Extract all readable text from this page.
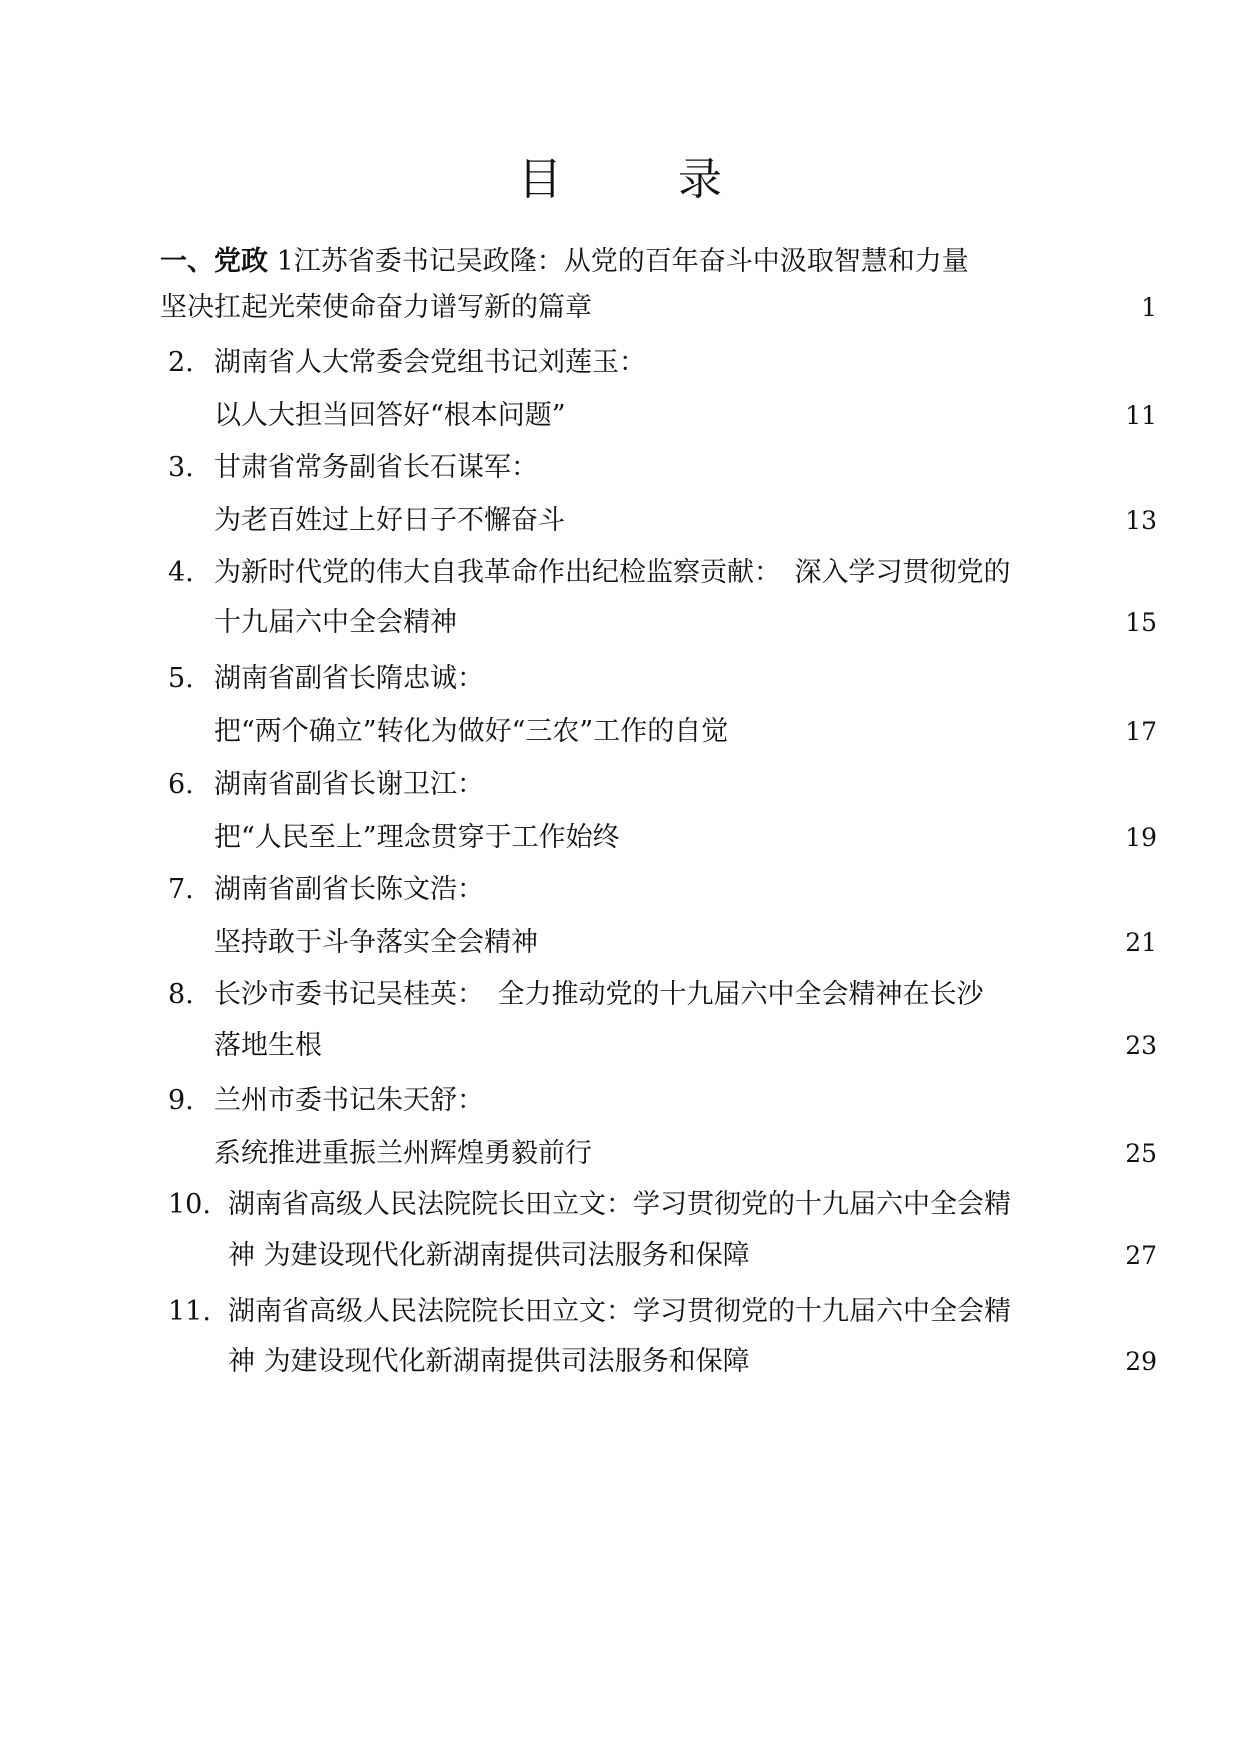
目　录
一、党政 1江苏省委书记吴政隆：从党的百年奋斗中汲取智慧和力量
坚决扛起光荣使命奋力谱写新的篇章	1
2. 湖南省人大常委会党组书记刘莲玉：
以人大担当回答好“根本问题”	11
3. 甘肃省常务副省长石谋军：
为老百姓过上好日子不懈奋斗	13
4. 为新时代党的伟大自我革命作出纪检监察贡献：　深入学习贯彻党的
十九届六中全会精神	15
5. 湖南省副省长隋忠诚：
把“两个确立”转化为做好“三农”工作的自觉	17
6. 湖南省副省长谢卫江：
把“人民至上”理念贯穿于工作始终	19
7. 湖南省副省长陈文浩：
坚持敢于斗争落实全会精神	21
8. 长沙市委书记吴桂英：　全力推动党的十九届六中全会精神在长沙
落地生根	23
9. 兰州市委书记朱天舒：
系统推进重振兰州辉煌勇毅前行	25
10. 湖南省高级人民法院院长田立文：学习贯彻党的十九届六中全会精
神 为建设现代化新湖南提供司法服务和保障	27
11. 湖南省高级人民法院院长田立文：学习贯彻党的十九届六中全会精
神 为建设现代化新湖南提供司法服务和保障	29
